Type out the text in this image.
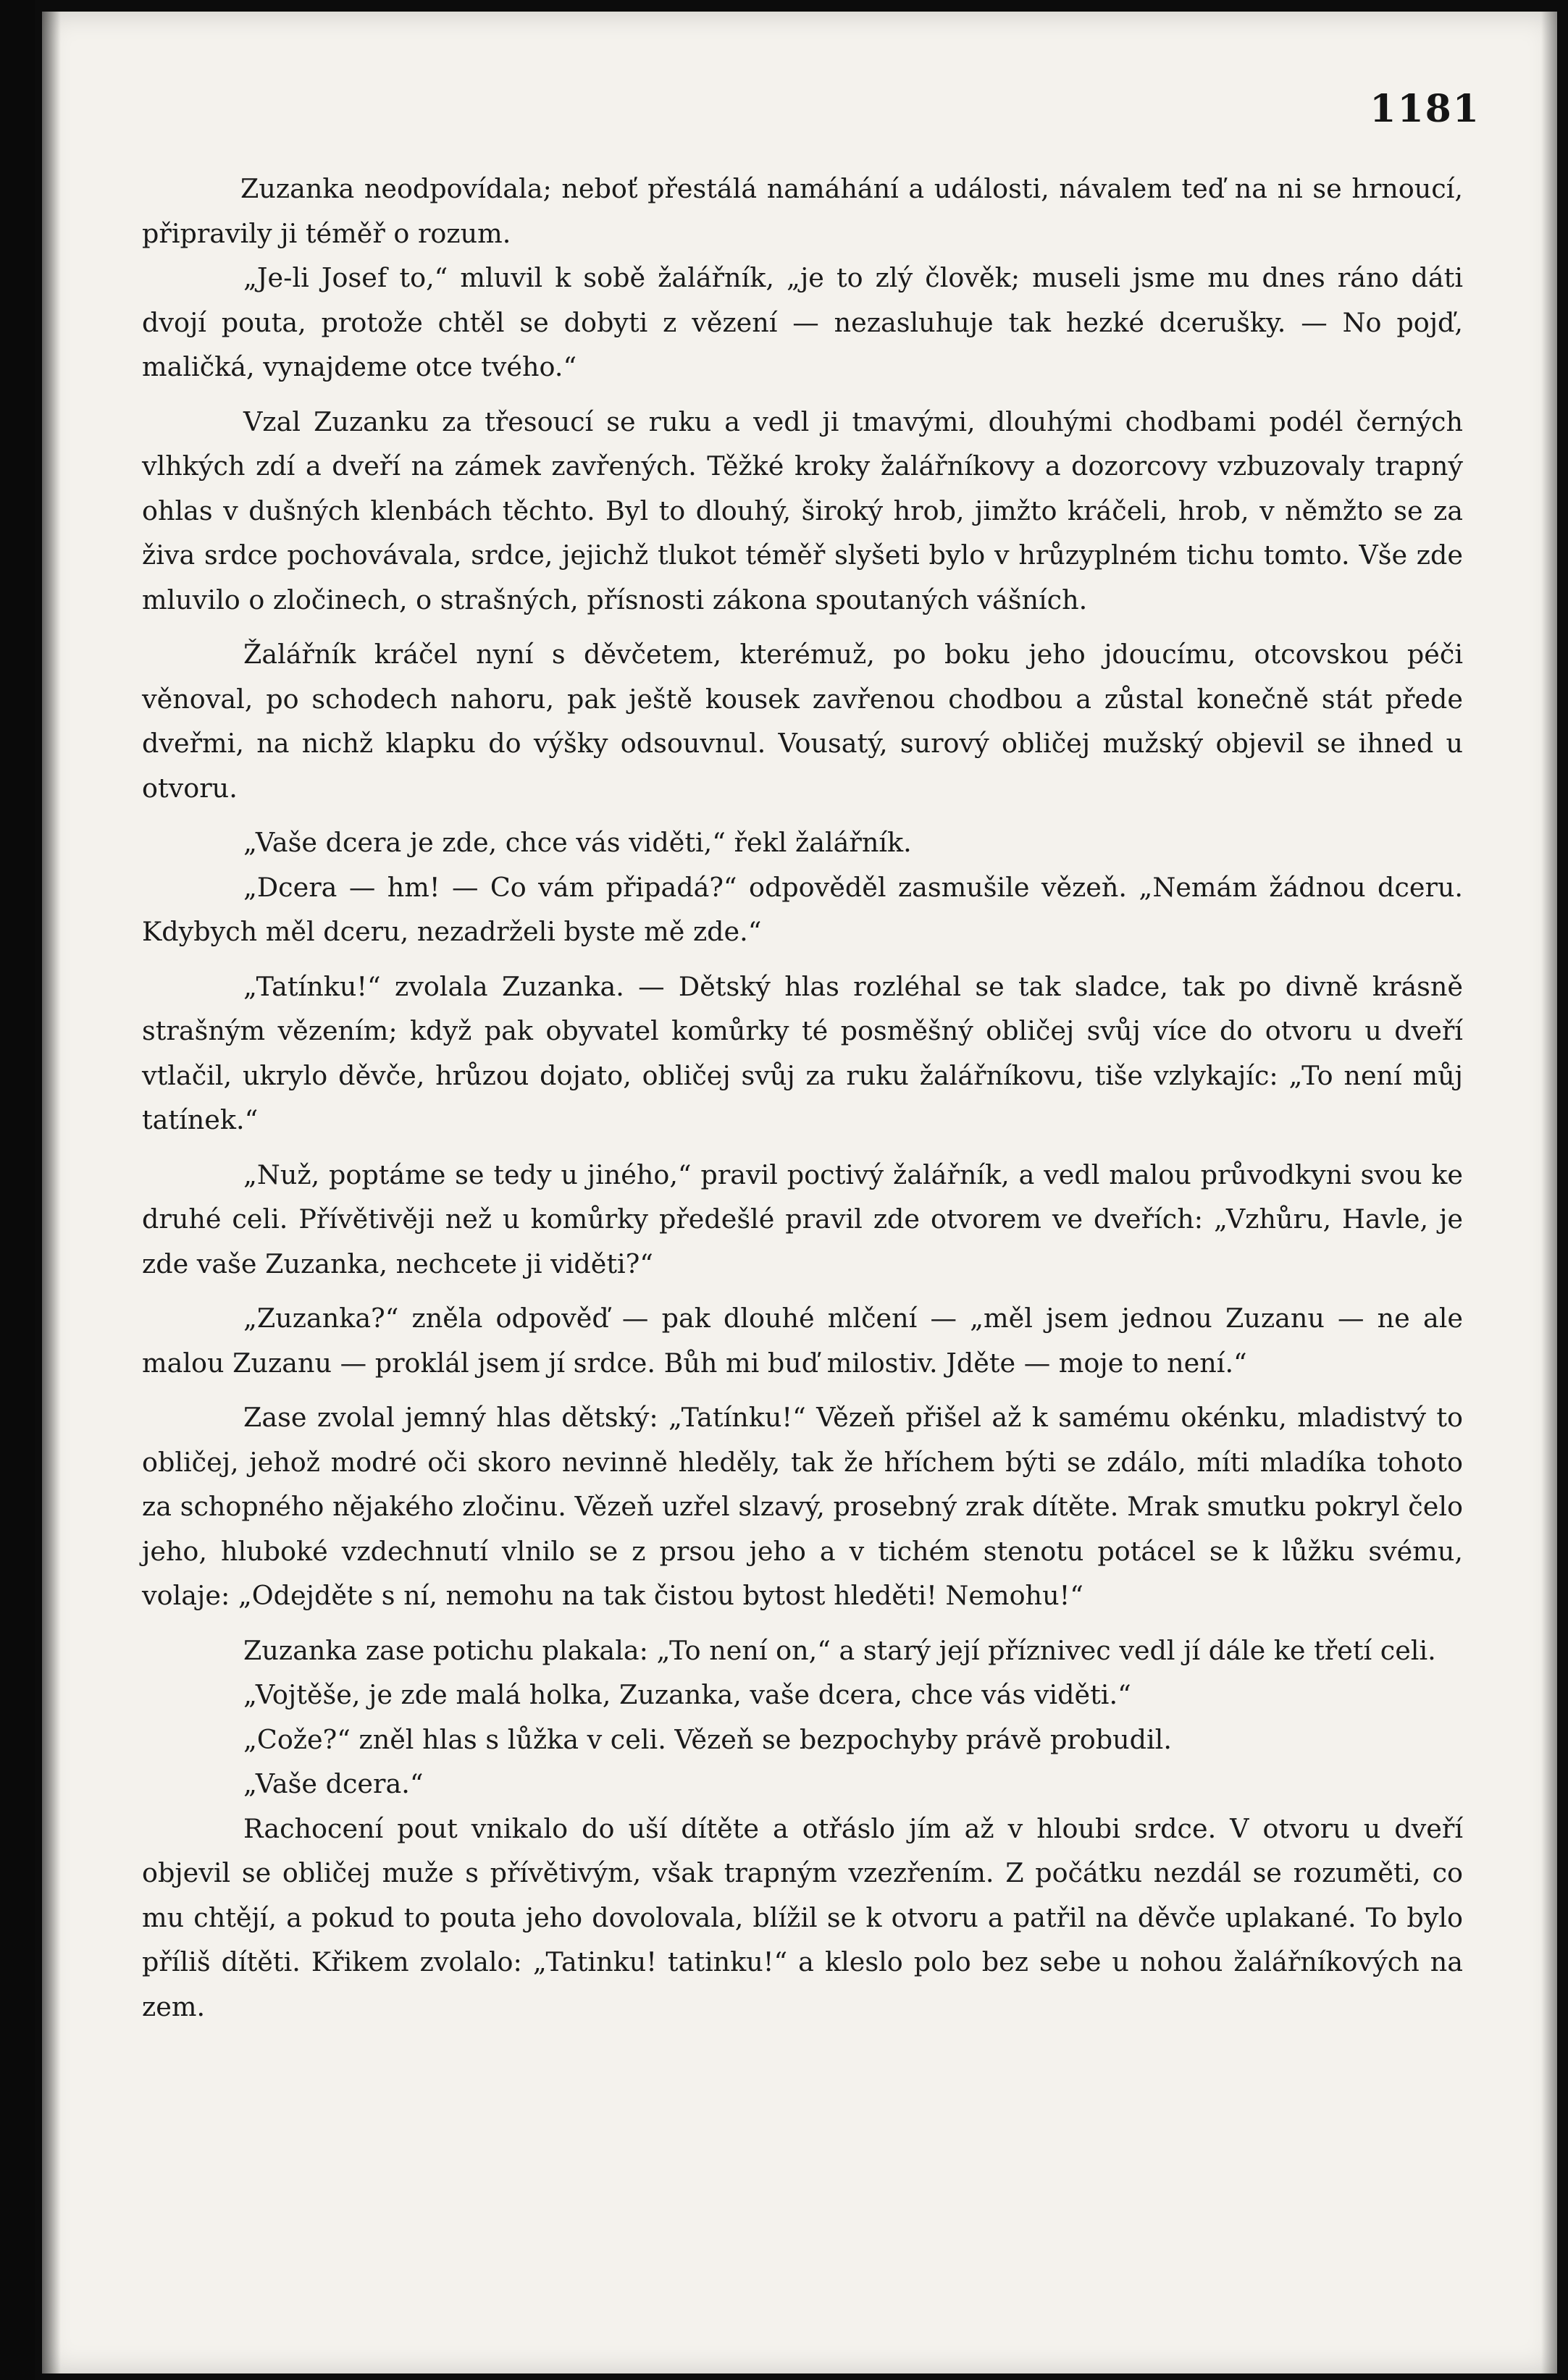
1181

Zuzanka neodpovídala; neboť přestálá namáhání a události, návalem teď na ni se hrnoucí, připravily ji téměř o rozum.

„Je-li Josef to,“ mluvil k sobě žalářník, „je to zlý člověk; museli jsme mu dnes ráno dáti dvojí pouta, protože chtěl se dobyti z vězení — nezasluhuje tak hezké dcerušky. — No pojď, maličká, vynajdeme otce tvého.“

Vzal Zuzanku za třesoucí se ruku a vedl ji tmavými, dlouhými chodbami podél černých vlhkých zdí a dveří na zámek zavřených. Těžké kroky žalářníkovy a dozorcovy vzbuzovaly trapný ohlas v dušných klenbách těchto. Byl to dlouhý, široký hrob, jimžto kráčeli, hrob, v němžto se za živa srdce pochovávala, srdce, jejichž tlukot téměř slyšeti bylo v hrůzyplném tichu tomto. Vše zde mluvilo o zločinech, o strašných, přísnosti zákona spoutaných vášních.

Žalářník kráčel nyní s děvčetem, kterémuž, po boku jeho jdoucímu, otcovskou péči věnoval, po schodech nahoru, pak ještě kousek zavřenou chodbou a zůstal konečně stát přede dveřmi, na nichž klapku do výšky odsouvnul. Vousatý, surový obličej mužský objevil se ihned u otvoru.

„Vaše dcera je zde, chce vás viděti,“ řekl žalářník.

„Dcera — hm! — Co vám připadá?“ odpověděl zasmušile vězeň. „Nemám žádnou dceru. Kdybych měl dceru, nezadrželi byste mě zde.“

„Tatínku!“ zvolala Zuzanka. — Dětský hlas rozléhal se tak sladce, tak po divně krásně strašným vězením; když pak obyvatel komůrky té posměšný obličej svůj více do otvoru u dveří vtlačil, ukrylo děvče, hrůzou dojato, obličej svůj za ruku žalářníkovu, tiše vzlykajíc: „To není můj tatínek.“

„Nuž, poptáme se tedy u jiného,“ pravil poctivý žalářník, a vedl malou průvodkyni svou ke druhé celi. Přívětivěji než u komůrky předešlé pravil zde otvorem ve dveřích: „Vzhůru, Havle, je zde vaše Zuzanka, nechcete ji viděti?“

„Zuzanka?“ zněla odpověď — pak dlouhé mlčení — „měl jsem jednou Zuzanu — ne ale malou Zuzanu — proklál jsem jí srdce. Bůh mi buď milostiv. Jděte — moje to není.“

Zase zvolal jemný hlas dětský: „Tatínku!“ Vězeň přišel až k samému okénku, mladistvý to obličej, jehož modré oči skoro nevinně hleděly, tak že hříchem býti se zdálo, míti mladíka tohoto za schopného nějakého zločinu. Vězeň uzřel slzavý, prosebný zrak dítěte. Mrak smutku pokryl čelo jeho, hluboké vzdechnutí vlnilo se z prsou jeho a v tichém stenotu potácel se k lůžku svému, volaje: „Odejděte s ní, nemohu na tak čistou bytost hleděti! Nemohu!“

Zuzanka zase potichu plakala: „To není on,“ a starý její příznivec vedl jí dále ke třetí celi.

„Vojtěše, je zde malá holka, Zuzanka, vaše dcera, chce vás viděti.“

„Cože?“ zněl hlas s lůžka v celi. Vězeň se bezpochyby právě probudil.

„Vaše dcera.“

Rachocení pout vnikalo do uší dítěte a otřáslo jím až v hloubi srdce. V otvoru u dveří objevil se obličej muže s přívětivým, však trapným vzezřením. Z počátku nezdál se rozuměti, co mu chtějí, a pokud to pouta jeho dovolovala, blížil se k otvoru a patřil na děvče uplakané. To bylo příliš dítěti. Křikem zvolalo: „Tatinku! tatinku!“ a kleslo polo bez sebe u nohou žalářníkových na zem.
